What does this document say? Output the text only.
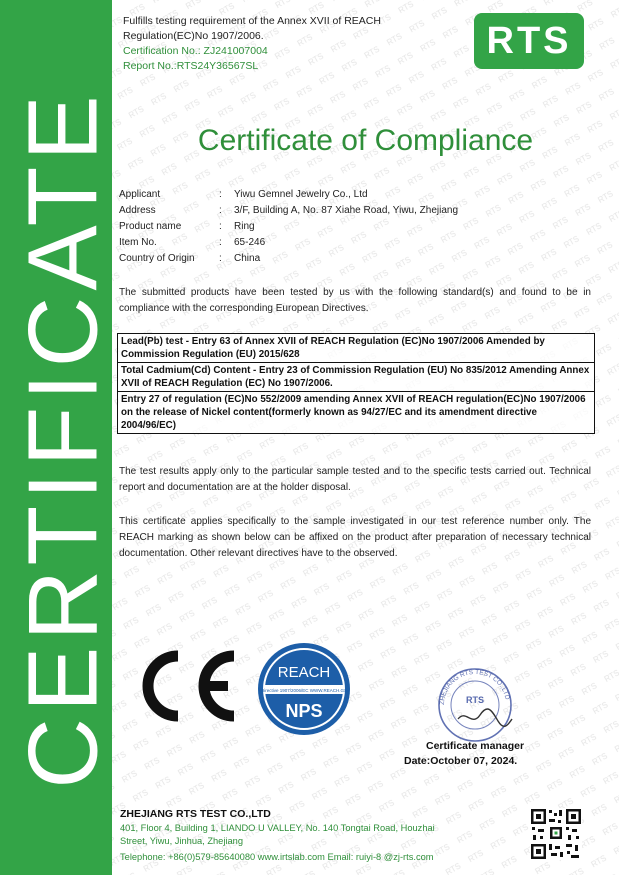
CERTIFICATE
Fulfills testing requirement of the Annex XVII of REACH
Regulation(EC)No 1907/2006.
Certification No.: ZJ241007004
Report No.:RTS24Y36567SL
RTS
Certificate of Compliance
Applicant	:	Yiwu Gemnel Jewelry Co., Ltd
Address	:	3/F, Building A, No. 87 Xiahe Road, Yiwu, Zhejiang
Product name	:	Ring
Item No.	:	65-246
Country of Origin	:	China
The submitted products have been tested by us with the following standard(s) and found to be in compliance with the corresponding European Directives.
Lead(Pb) test - Entry 63 of Annex XVII of REACH Regulation (EC)No 1907/2006 Amended by Commission Regulation (EU) 2015/628
Total Cadmium(Cd) Content - Entry 23 of Commission Regulation (EU) No 835/2012 Amending Annex XVII of REACH Regulation (EC) No 1907/2006.
Entry 27 of regulation (EC)No 552/2009 amending Annex XVII of REACH regulation(EC)No 1907/2006 on the release of Nickel content(formerly known as 94/27/EC and its amendment directive 2004/96/EC)
The test results apply only to the particular sample tested and to the specific tests carried out. Technical report and documentation are at the holder disposal.
This certificate applies specifically to the sample investigated in our test reference number only. The REACH marking as shown below can be affixed on the product after preparation of necessary technical documentation. Other relevant directives have to the observed.
REACH
Directive 1907/2006/EC WWW.REACH.GS
NPS	ZHEJIANG RTS TEST CO.,LTD
RTS
Certificate manager
Date:October 07, 2024.
ZHEJIANG RTS TEST CO.,LTD
401, Floor 4, Building 1, LIANDO U VALLEY, No. 140 Tongtai Road, Houzhai
Street, Yiwu, Jinhua, Zhejiang
Telephone: +86(0)579-85640080 www.irtslab.com Email: ruiyi-8 @zj-rts.com
